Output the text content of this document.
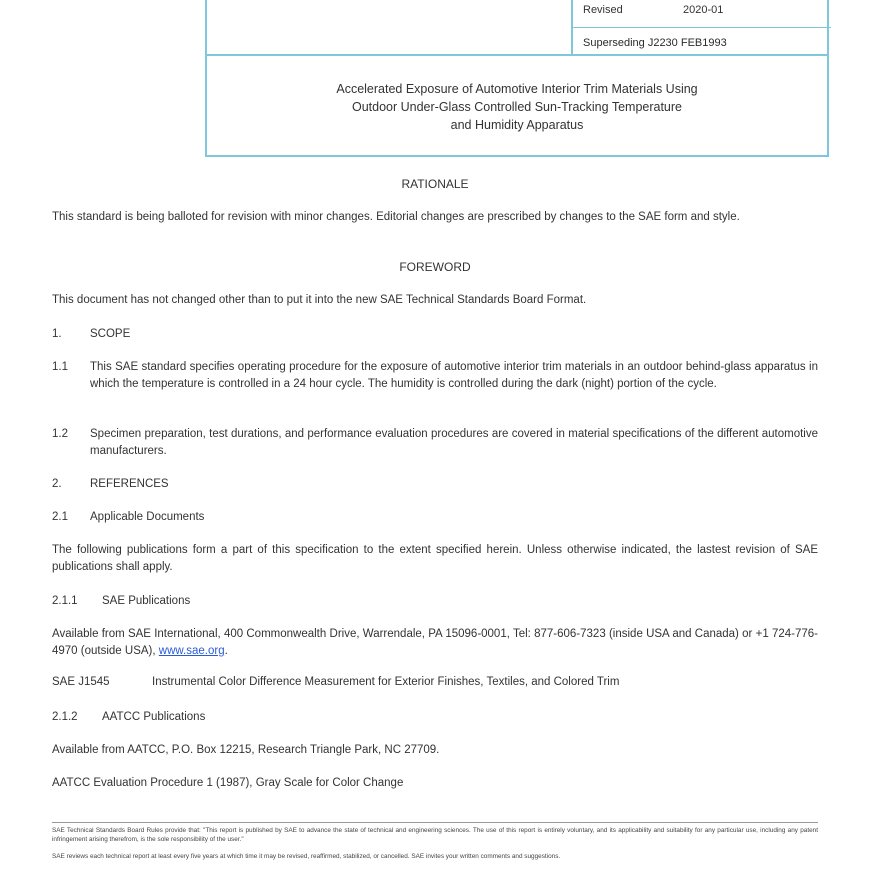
Revised	2020-01
Superseding J2230 FEB1993
Accelerated Exposure of Automotive Interior Trim Materials Using
Outdoor Under-Glass Controlled Sun-Tracking Temperature
and Humidity Apparatus
RATIONALE
This standard is being balloted for revision with minor changes. Editorial changes are prescribed by changes to the SAE form and style.
FOREWORD
This document has not changed other than to put it into the new SAE Technical Standards Board Format.
1. SCOPE
1.1 This SAE standard specifies operating procedure for the exposure of automotive interior trim materials in an outdoor behind-glass apparatus in which the temperature is controlled in a 24 hour cycle. The humidity is controlled during the dark (night) portion of the cycle.
1.2 Specimen preparation, test durations, and performance evaluation procedures are covered in material specifications of the different automotive manufacturers.
2. REFERENCES
2.1 Applicable Documents
The following publications form a part of this specification to the extent specified herein. Unless otherwise indicated, the lastest revision of SAE publications shall apply.
2.1.1 SAE Publications
Available from SAE International, 400 Commonwealth Drive, Warrendale, PA 15096-0001, Tel: 877-606-7323 (inside USA and Canada) or +1 724-776-4970 (outside USA), www.sae.org.
SAE J1545	Instrumental Color Difference Measurement for Exterior Finishes, Textiles, and Colored Trim
2.1.2 AATCC Publications
Available from AATCC, P.O. Box 12215, Research Triangle Park, NC 27709.
AATCC Evaluation Procedure 1 (1987), Gray Scale for Color Change
SAE Technical Standards Board Rules provide that: "This report is published by SAE to advance the state of technical and engineering sciences. The use of this report is entirely voluntary, and its applicability and suitability for any particular use, including any patent infringement arising therefrom, is the sole responsibility of the user."
SAE reviews each technical report at least every five years at which time it may be revised, reaffirmed, stabilized, or cancelled. SAE invites your written comments and suggestions.
